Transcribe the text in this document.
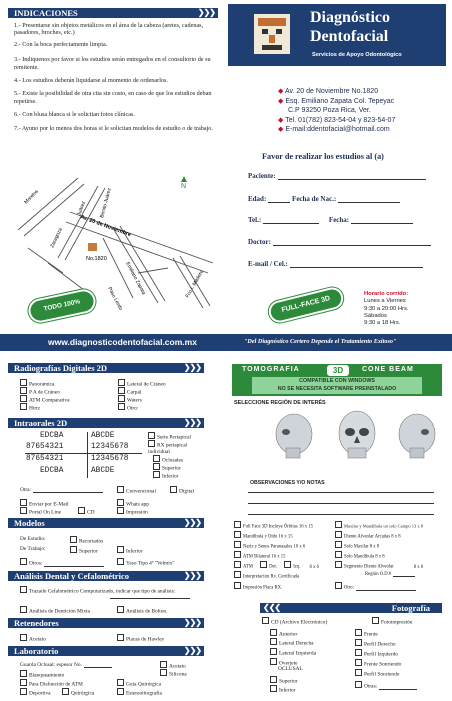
INDICACIONES	❯❯❯
1.- Presentarse sin objetos metálicos en el área de la cabeza (aretes, cadenas, pasadores, broches, etc.)
2.- Con la boca perfectamente limpia.
3.- Indiquenos por favor si los estudios serán entregados en el consultorio de su remitente.
4.- Los estudios deberán liquidarse al momento de ordenarlos.
5.- Existe la posibilidad de otra cita sin costo, en caso de que los estudios deban repetirse.
6.- Con blusa blanca si le solicitan fotos clínicas.
7.- Ayuno por lo menos dos horas si le solicitan modelos de estudio o de trabajo.
Morelos
Zaragoza
Juárez Benito Juárez
Av. 20 de Noviembre
Emiliano Zapata
Paso Lerdo	Fco I. Madero
No.1820
N
TODO 100% DIGITAL
Diagnóstico
Dentofacial
Servicios de Apoyo Odontológico
◆ Av. 20 de Noviembre No.1820
◆ Esq. Emiliano Zapata Col. Tepeyac
C.P 93250 Poza Rica, Ver.
◆ Tel. 01(782) 823-54-04 y 823-54-07
◆ E-mail:ddentofacial@hotmail.com
Favor de realizar los estudios al (a)
Paciente:
Edad:	Fecha de Nac.:
Tel.:	Fecha:
Doctor:
E-mail / Cel.:
FULL-FACE 3D
Horario corrido:
Lunes a Viernes
9:30 a 20:00 Hrs.
Sábados
9:30 a 18 Hrs.
www.diagnosticodentofacial.com.mx	"Del Diagnóstico Certero Depende el Tratamiento Exitoso"
Radiografías Digitales 2D	❯❯❯
Panorámica
P A de Cráneo
ATM Comparativa
Hirtz
Lateral de Cráneo
Carpal
Waters
Otro:
Intraorales 2D	❯❯❯
EDCBA	ABCDE
87654321	12345678
87654321	12345678
EDCBA	ABCDE
Serie Periapical
RX periapical individual
Oclusales
Superior
Inferior
Otra:	Convencional	Digital
Enviar por E-Mail	Whats app
Portal On Line	CD	Impresión
Modelos	❯❯❯
De Estudio:	Recortados
De Trabajo:	Superior	Inferior
Otros:	Yeso Tipo 4ª "Velmix"
Análisis Dental y Cefalométrico	❯❯❯
Trazado Cefalométrico Computarizado, indicar que tipo de análisis:
Análisis de Dentición Mixta	Análisis de Bolton.
Retenedores	❯❯❯
Acetato	Placas de Hawley
Laboratorio	❯❯❯
Guarda Oclusal: espesor No.	Acetato
Blanqueamiento	Silicona
Para Disfunción de ATM	Guía Quirúrgica
Deportiva	Quirúrgica	Estereolitografía
TOMOGRAFIA	3D	CONE BEAM
COMPATIBLE CON WINDOWS
NO SE NECESITA SOFTWARE PREINSTALADO
SELECCIONE REGIÓN DE INTERÉS
OBSERVACIONES Y/O NOTAS
Full Face 3D Incluye Órbitas 16 x 15
Mandíbula y Oído 16 x 15
Nariz y Senos Paranasales 10 x 6
ATM Bilateral 16 x 15
ATM	Der.	Izq. 8 x 6
Interpretación Rx. Certificada
Impresión Placa RX.
Maxilar y Mandíbula un solo Campo 13 x 8
Diente Alveolar Arcadas 8 x 8
Solo Maxilar 8 x 8
Solo Mandíbula 8 x 8
Segmento Diente Alveolar	8 x 8
Región O.D.#
Otro:
❮❮❮	Fotografía
CD (Archivo Electrónico)	Fotoimpresión
Anterior
Lateral Derecha
Lateral Izquierda
Overjete
OCLUSAL
Superior
Inferior
Frente
Perfil Derecho
Perfil Izquierdo
Frente Sonriendo
Perfil Sonriendo
Otras:
